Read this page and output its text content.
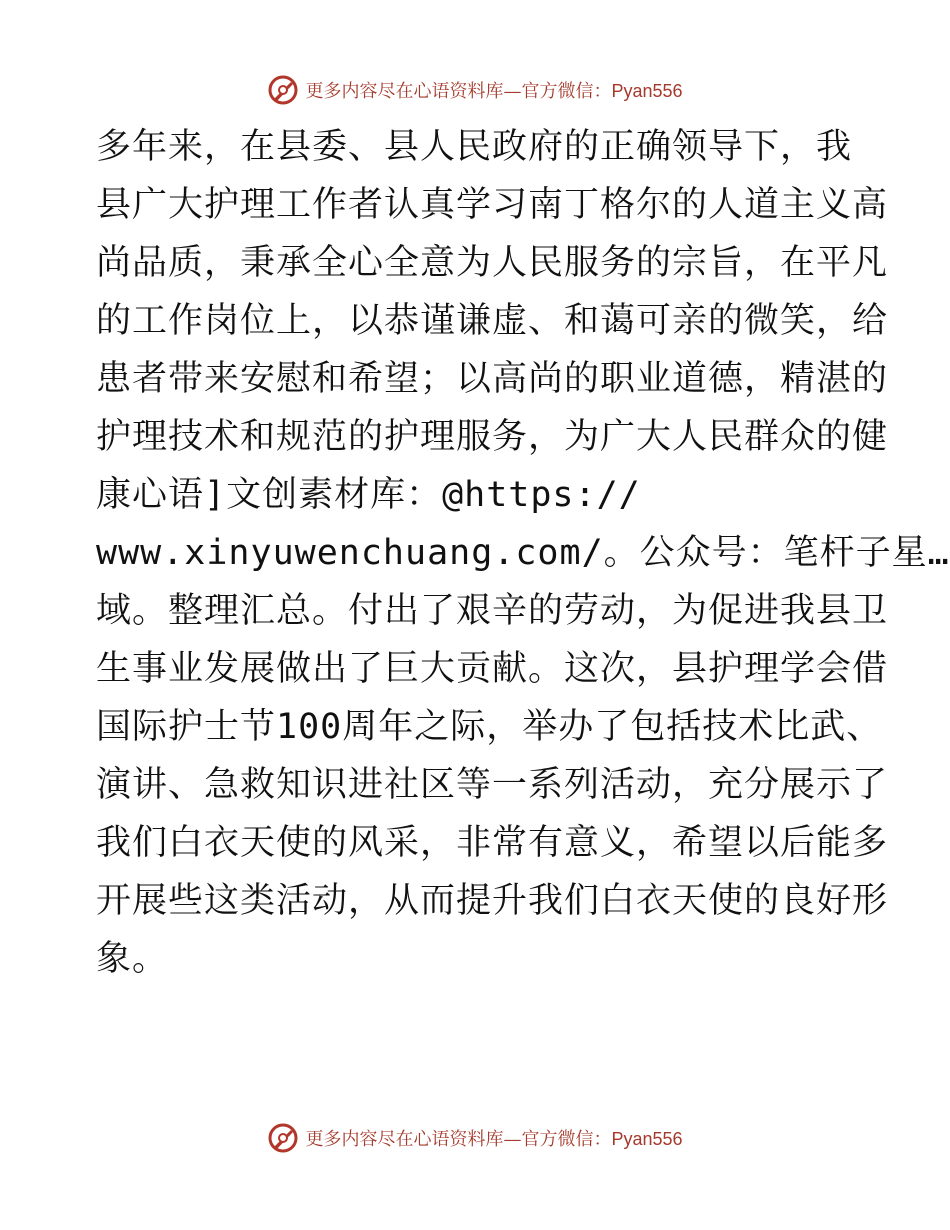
更多内容尽在心语资料库—官方微信：Pyan556
多年来，在县委、县人民政府的正确领导下，我
县广大护理工作者认真学习南丁格尔的人道主义高
尚品质，秉承全心全意为人民服务的宗旨，在平凡
的工作岗位上，以恭谨谦虚、和蔼可亲的微笑，给
患者带来安慰和希望；以高尚的职业道德，精湛的
护理技术和规范的护理服务，为广大人民群众的健
康心语]文创素材库：@https://
www.xinyuwenchuang.com/。公众号：笔杆子星…
域。整理汇总。付出了艰辛的劳动，为促进我县卫
生事业发展做出了巨大贡献。这次，县护理学会借
国际护士节100周年之际，举办了包括技术比武、
演讲、急救知识进社区等一系列活动，充分展示了
我们白衣天使的风采，非常有意义，希望以后能多
开展些这类活动，从而提升我们白衣天使的良好形
象。
更多内容尽在心语资料库—官方微信：Pyan556
